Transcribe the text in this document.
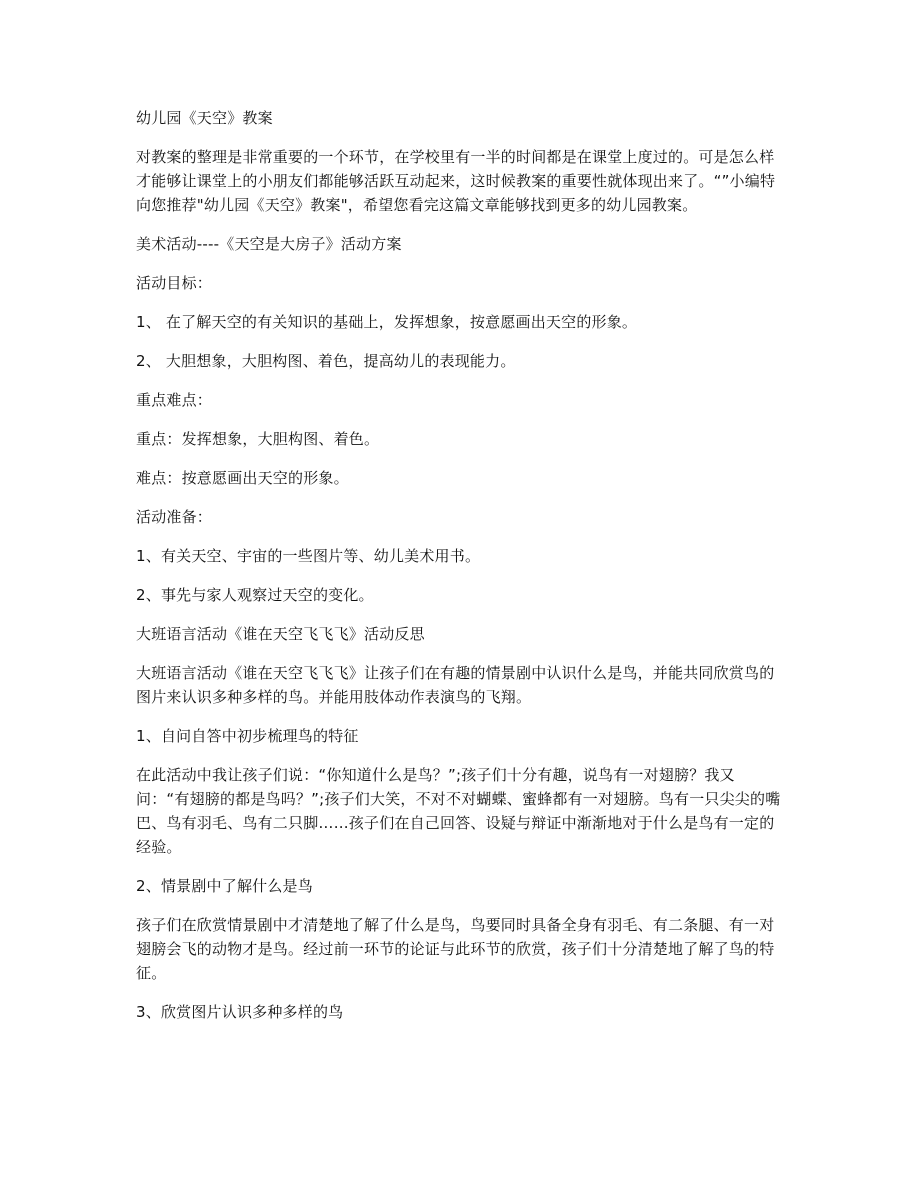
幼儿园《天空》教案
对教案的整理是非常重要的一个环节，在学校里有一半的时间都是在课堂上度过的。可是怎么样才能够让课堂上的小朋友们都能够活跃互动起来，这时候教案的重要性就体现出来了。“”小编特向您推荐"幼儿园《天空》教案"，希望您看完这篇文章能够找到更多的幼儿园教案。
美术活动----《天空是大房子》活动方案
活动目标：
1、 在了解天空的有关知识的基础上，发挥想象，按意愿画出天空的形象。
2、 大胆想象，大胆构图、着色，提高幼儿的表现能力。
重点难点：
重点：发挥想象，大胆构图、着色。
难点：按意愿画出天空的形象。
活动准备：
1、有关天空、宇宙的一些图片等、幼儿美术用书。
2、事先与家人观察过天空的变化。
大班语言活动《谁在天空飞飞飞》活动反思
大班语言活动《谁在天空飞飞飞》让孩子们在有趣的情景剧中认识什么是鸟，并能共同欣赏鸟的图片来认识多种多样的鸟。并能用肢体动作表演鸟的飞翔。
1、自问自答中初步梳理鸟的特征
在此活动中我让孩子们说：“你知道什么是鸟？”;孩子们十分有趣，说鸟有一对翅膀？我又问：“有翅膀的都是鸟吗？”;孩子们大笑，不对不对蝴蝶、蜜蜂都有一对翅膀。鸟有一只尖尖的嘴巴、鸟有羽毛、鸟有二只脚……孩子们在自己回答、设疑与辩证中渐渐地对于什么是鸟有一定的经验。
2、情景剧中了解什么是鸟
孩子们在欣赏情景剧中才清楚地了解了什么是鸟，鸟要同时具备全身有羽毛、有二条腿、有一对翅膀会飞的动物才是鸟。经过前一环节的论证与此环节的欣赏，孩子们十分清楚地了解了鸟的特征。
3、欣赏图片认识多种多样的鸟
